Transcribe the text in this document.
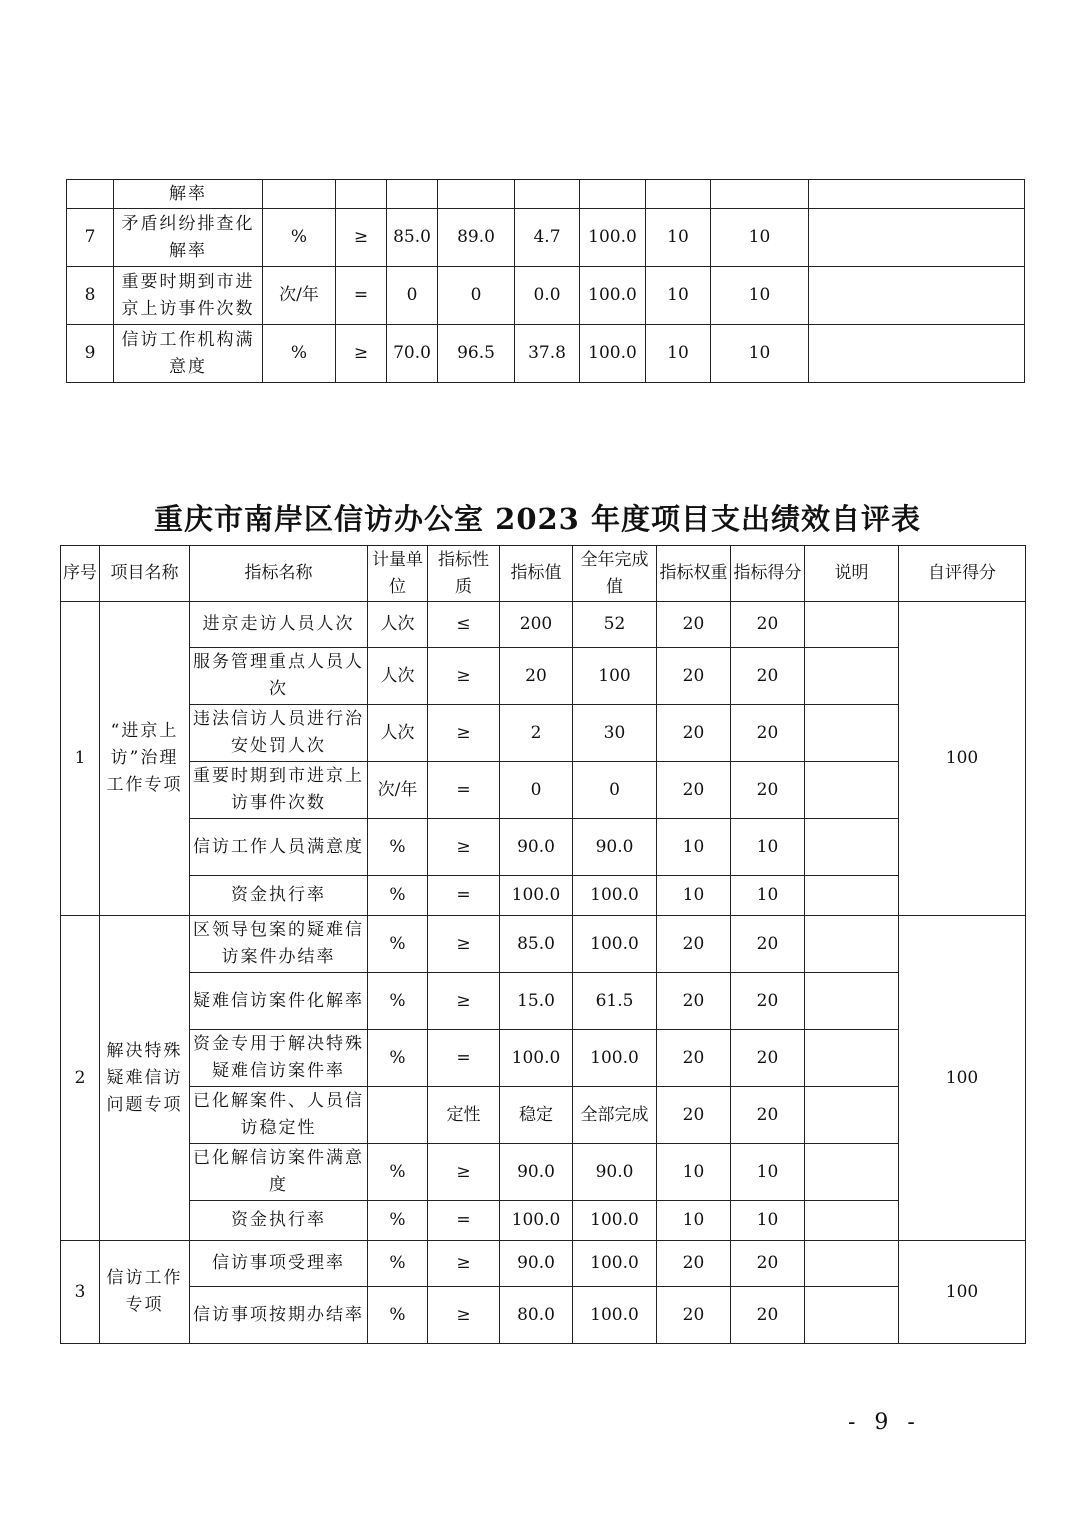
	解率									
7	矛盾纠纷排查化解率	%	≥	85.0	89.0	4.7	100.0	10	10	
8	重要时期到市进京上访事件次数	次/年	=	0	0	0.0	100.0	10	10	
9	信访工作机构满意度	%	≥	70.0	96.5	37.8	100.0	10	10	
重庆市南岸区信访办公室 2023 年度项目支出绩效自评表
序号	项目名称	指标名称	计量单位	指标性质	指标值	全年完成值	指标权重	指标得分	说明	自评得分
1	“进京上访”治理工作专项	进京走访人员人次	人次	≤	200	52	20	20		100
		服务管理重点人员人次	人次	≥	20	100	20	20		
		违法信访人员进行治安处罚人次	人次	≥	2	30	20	20		
		重要时期到市进京上访事件次数	次/年	=	0	0	20	20		
		信访工作人员满意度	%	≥	90.0	90.0	10	10		
		资金执行率	%	=	100.0	100.0	10	10		
2	解决特殊疑难信访问题专项	区领导包案的疑难信访案件办结率	%	≥	85.0	100.0	20	20		100
		疑难信访案件化解率	%	≥	15.0	61.5	20	20		
		资金专用于解决特殊疑难信访案件率	%	=	100.0	100.0	20	20		
		已化解案件、人员信访稳定性		定性	稳定	全部完成	20	20		
		已化解信访案件满意度	%	≥	90.0	90.0	10	10		
		资金执行率	%	=	100.0	100.0	10	10		
3	信访工作专项	信访事项受理率	%	≥	90.0	100.0	20	20		100
		信访事项按期办结率	%	≥	80.0	100.0	20	20		
- 9 -
